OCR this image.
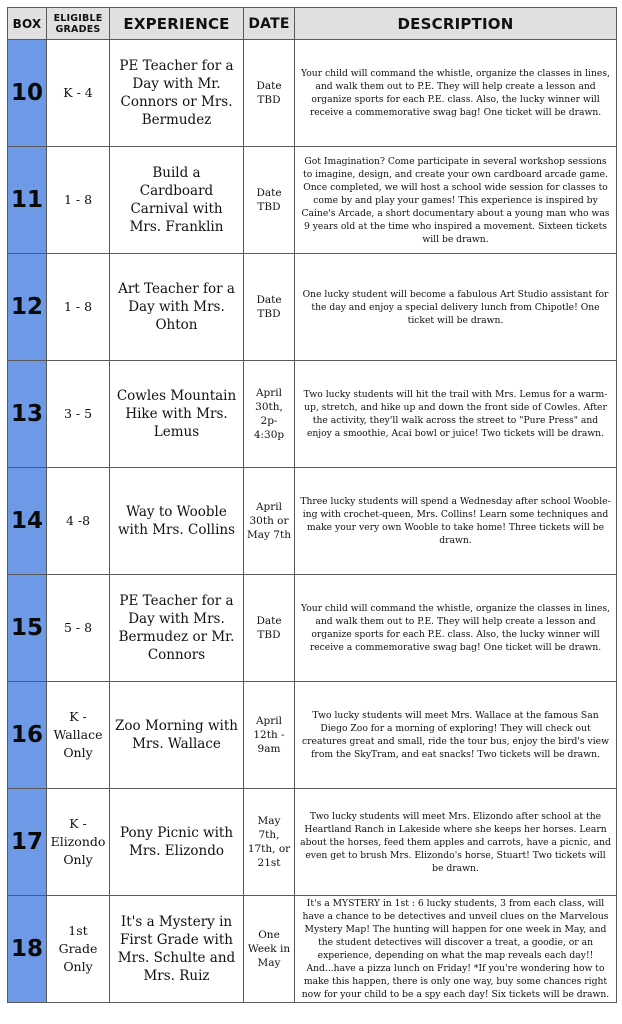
BOX	ELIGIBLE GRADES	EXPERIENCE	DATE	DESCRIPTION
10	K - 4	PE Teacher for a Day with Mr. Connors or Mrs. Bermudez	Date TBD	Your child will command the whistle, organize the classes in lines, and walk them out to P.E. They will help create a lesson and organize sports for each P.E. class. Also, the lucky winner will receive a commemorative swag bag! One ticket will be drawn.
11	1 - 8	Build a Cardboard Carnival with Mrs. Franklin	Date TBD	Got Imagination? Come participate in several workshop sessions to imagine, design, and create your own cardboard arcade game. Once completed, we will host a school wide session for classes to come by and play your games! This experience is inspired by Caine's Arcade, a short documentary about a young man who was 9 years old at the time who inspired a movement. Sixteen tickets will be drawn.
12	1 - 8	Art Teacher for a Day with Mrs. Ohton	Date TBD	One lucky student will become a fabulous Art Studio assistant for the day and enjoy a special delivery lunch from Chipotle! One ticket will be drawn.
13	3 - 5	Cowles Mountain Hike with Mrs. Lemus	April 30th, 2p-4:30p	Two lucky students will hit the trail with Mrs. Lemus for a warm-up, stretch, and hike up and down the front side of Cowles. After the activity, they'll walk across the street to "Pure Press" and enjoy a smoothie, Acai bowl or juice! Two tickets will be drawn.
14	4 -8	Way to Wooble with Mrs. Collins	April 30th or May 7th	Three lucky students will spend a Wednesday after school Wooble-ing with crochet-queen, Mrs. Collins! Learn some techniques and make your very own Wooble to take home! Three tickets will be drawn.
15	5 - 8	PE Teacher for a Day with Mrs. Bermudez or Mr. Connors	Date TBD	Your child will command the whistle, organize the classes in lines, and walk them out to P.E. They will help create a lesson and organize sports for each P.E. class. Also, the lucky winner will receive a commemorative swag bag! One ticket will be drawn.
16	K - Wallace Only	Zoo Morning with Mrs. Wallace	April 12th - 9am	Two lucky students will meet Mrs. Wallace at the famous San Diego Zoo for a morning of exploring! They will check out creatures great and small, ride the tour bus, enjoy the bird's view from the SkyTram, and eat snacks! Two tickets will be drawn.
17	K - Elizondo Only	Pony Picnic with Mrs. Elizondo	May 7th, 17th, or 21st	Two lucky students will meet Mrs. Elizondo after school at the Heartland Ranch in Lakeside where she keeps her horses. Learn about the horses, feed them apples and carrots, have a picnic, and even get to brush Mrs. Elizondo's horse, Stuart! Two tickets will be drawn.
18	1st Grade Only	It's a Mystery in First Grade with Mrs. Schulte and Mrs. Ruiz	One Week in May	It's a MYSTERY in 1st : 6 lucky students, 3 from each class, will have a chance to be detectives and unveil clues on the Marvelous Mystery Map! The hunting will happen for one week in May, and the student detectives will discover a treat, a goodie, or an experience, depending on what the map reveals each day!! And...have a pizza lunch on Friday! *If you're wondering how to make this happen, there is only one way, buy some chances right now for your child to be a spy each day! Six tickets will be drawn.
